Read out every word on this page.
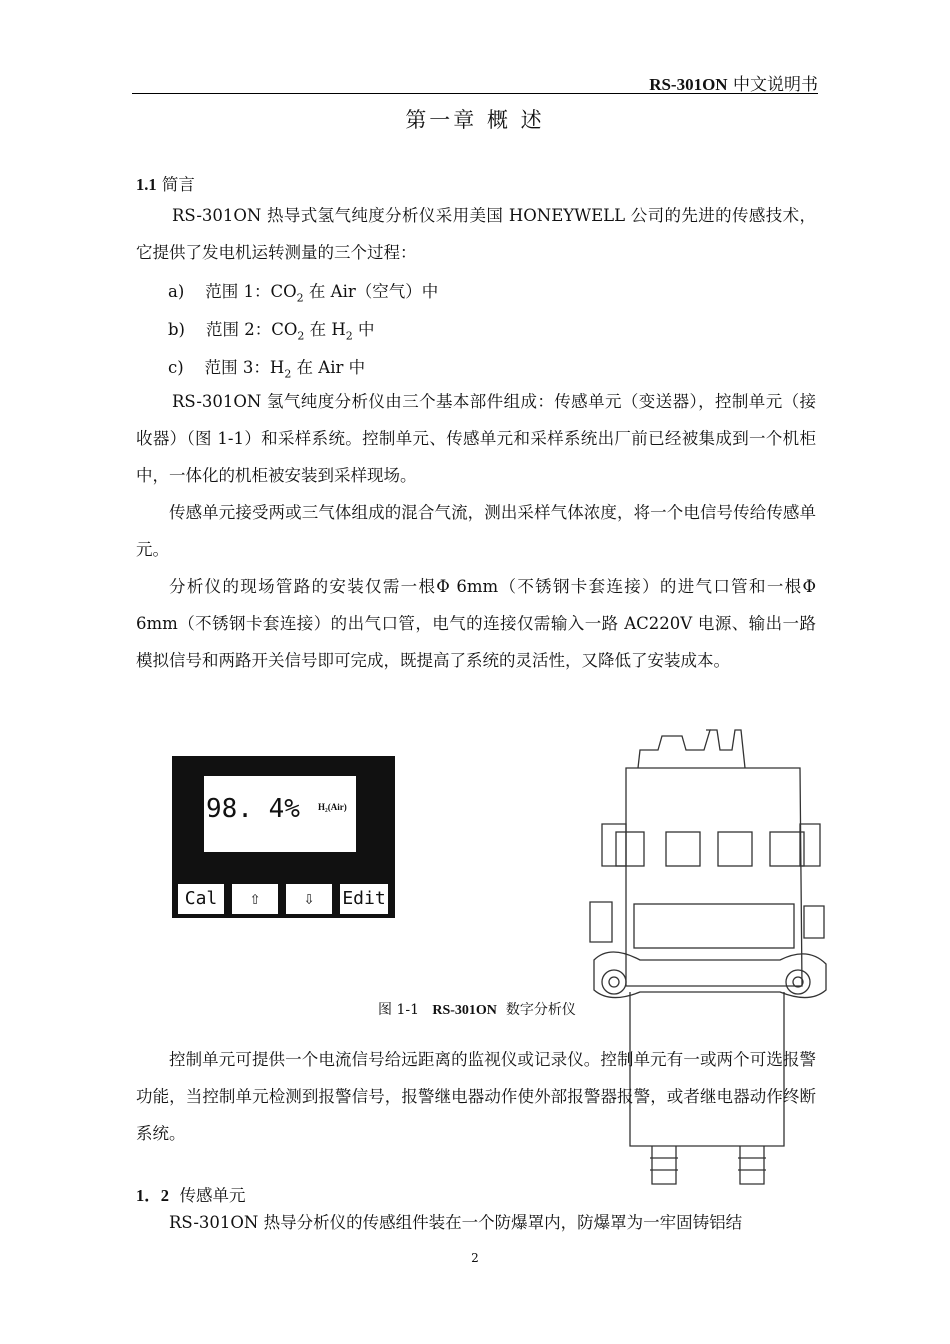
RS-301ON 中文说明书
第一章 概 述
1.1 简言
RS-301ON 热导式氢气纯度分析仪采用美国 HONEYWELL 公司的先进的传感技术，它提供了发电机运转测量的三个过程：
a) 范围 1：$CO_2$ 在 Air（空气）中
b) 范围 2：$CO_2$ 在 $H_2$ 中
c) 范围 3：$H_2$ 在 Air 中
RS-301ON 氢气纯度分析仪由三个基本部件组成：传感单元（变送器），控制单元（接收器）（图 1-1）和采样系统。控制单元、传感单元和采样系统出厂前已经被集成到一个机柜中，一体化的机柜被安装到采样现场。
传感单元接受两或三气体组成的混合气流，测出采样气体浓度，将一个电信号传给传感单元。
分析仪的现场管路的安装仅需一根Φ 6mm（不锈钢卡套连接）的进气口管和一根Φ 6mm（不锈钢卡套连接）的出气口管，电气的连接仅需输入一路 AC220V 电源、输出一路模拟信号和两路开关信号即可完成，既提高了系统的灵活性，又降低了安装成本。
98. 4% H₂(Air)
Cal	⇧	⇩	Edit
图 1-1 RS-301ON 数字分析仪
控制单元可提供一个电流信号给远距离的监视仪或记录仪。控制单元有一或两个可选报警功能，当控制单元检测到报警信号，报警继电器动作使外部报警器报警，或者继电器动作终断系统。
1．2 传感单元
RS-301ON 热导分析仪的传感组件装在一个防爆罩内，防爆罩为一牢固铸铝结
2
